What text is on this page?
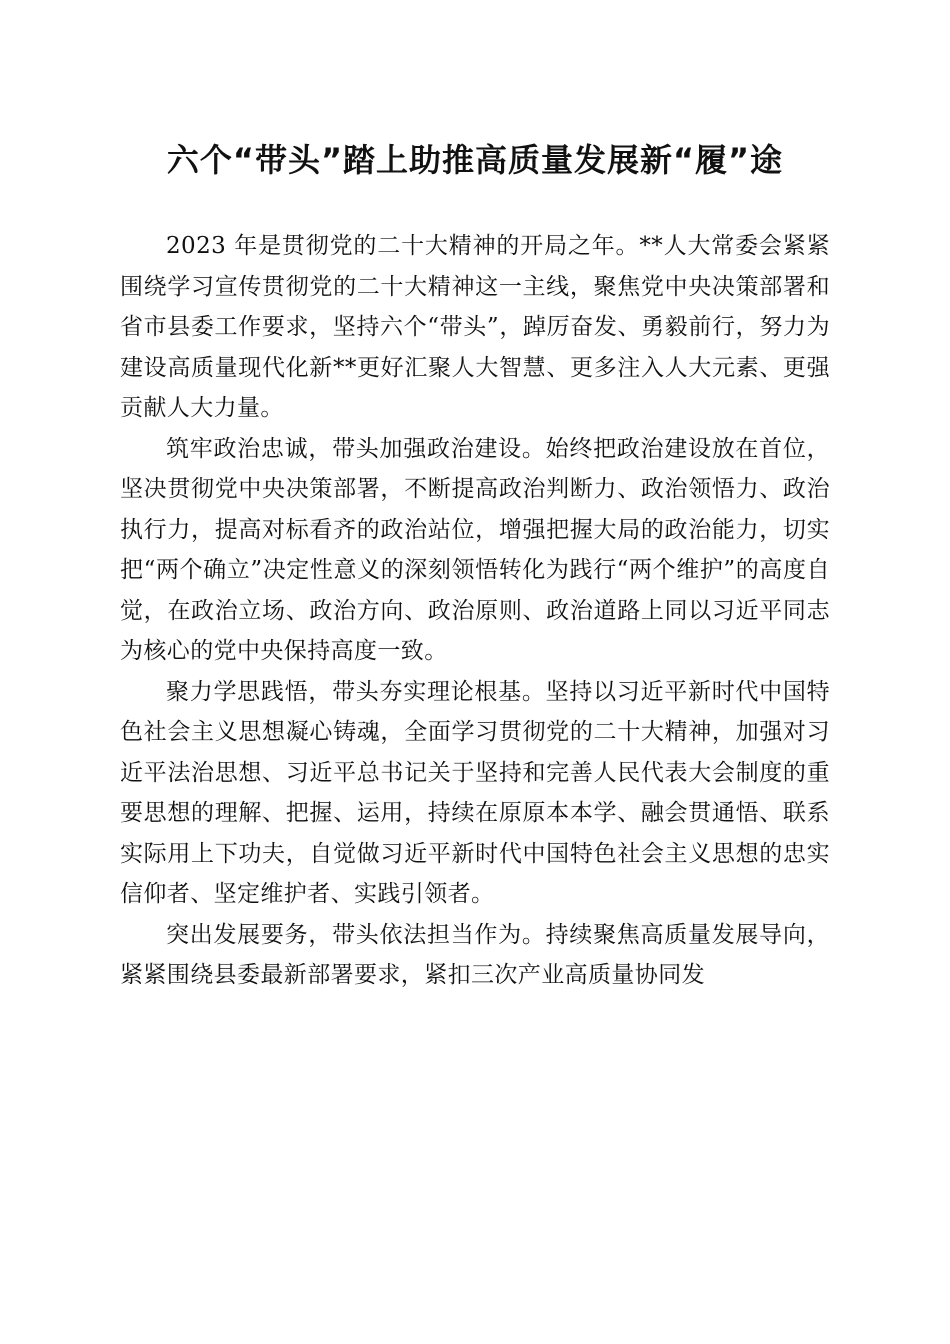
六个“带头”踏上助推高质量发展新“履”途

2023 年是贯彻党的二十大精神的开局之年。**人大常委会紧紧围绕学习宣传贯彻党的二十大精神这一主线，聚焦党中央决策部署和省市县委工作要求，坚持六个“带头”，踔厉奋发、勇毅前行，努力为建设高质量现代化新**更好汇聚人大智慧、更多注入人大元素、更强贡献人大力量。

筑牢政治忠诚，带头加强政治建设。始终把政治建设放在首位，坚决贯彻党中央决策部署，不断提高政治判断力、政治领悟力、政治执行力，提高对标看齐的政治站位，增强把握大局的政治能力，切实把“两个确立”决定性意义的深刻领悟转化为践行“两个维护”的高度自觉，在政治立场、政治方向、政治原则、政治道路上同以习近平同志为核心的党中央保持高度一致。

聚力学思践悟，带头夯实理论根基。坚持以习近平新时代中国特色社会主义思想凝心铸魂，全面学习贯彻党的二十大精神，加强对习近平法治思想、习近平总书记关于坚持和完善人民代表大会制度的重要思想的理解、把握、运用，持续在原原本本学、融会贯通悟、联系实际用上下功夫，自觉做习近平新时代中国特色社会主义思想的忠实信仰者、坚定维护者、实践引领者。

突出发展要务，带头依法担当作为。持续聚焦高质量发展导向，紧紧围绕县委最新部署要求，紧扣三次产业高质量协同发
